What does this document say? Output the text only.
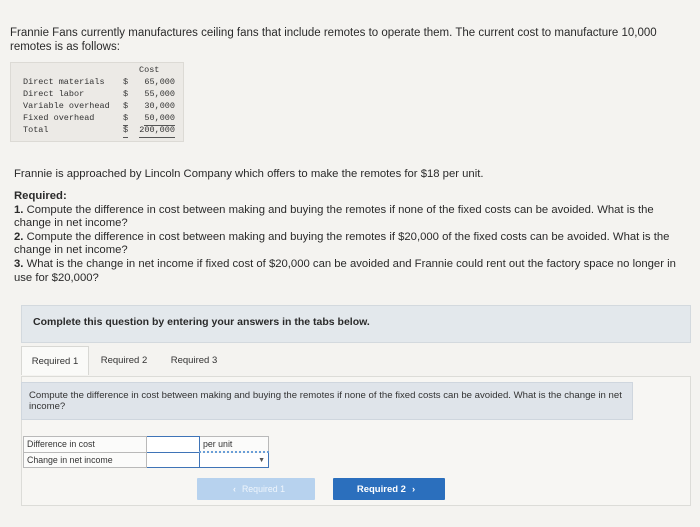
Frannie Fans currently manufactures ceiling fans that include remotes to operate them. The current cost to manufacture 10,000 remotes is as follows:
Cost
Direct materials $ 65,000
Direct labor	$ 55,000
Variable overhead $ 30,000
Fixed overhead	$ 50,000
Total	$ 200,000
Frannie is approached by Lincoln Company which offers to make the remotes for $18 per unit.
Required:
1. Compute the difference in cost between making and buying the remotes if none of the fixed costs can be avoided. What is the change in net income?
2. Compute the difference in cost between making and buying the remotes if $20,000 of the fixed costs can be avoided. What is the change in net income?
3. What is the change in net income if fixed cost of $20,000 can be avoided and Frannie could rent out the factory space no longer in use for $20,000?
Complete this question by entering your answers in the tabs below.
Required 1	Required 2	Required 3
Compute the difference in cost between making and buying the remotes if none of the fixed costs can be avoided. What is the change in net income?
Difference in cost		per unit
Change in net income		▼
‹ Required 1	Required 2 ›
